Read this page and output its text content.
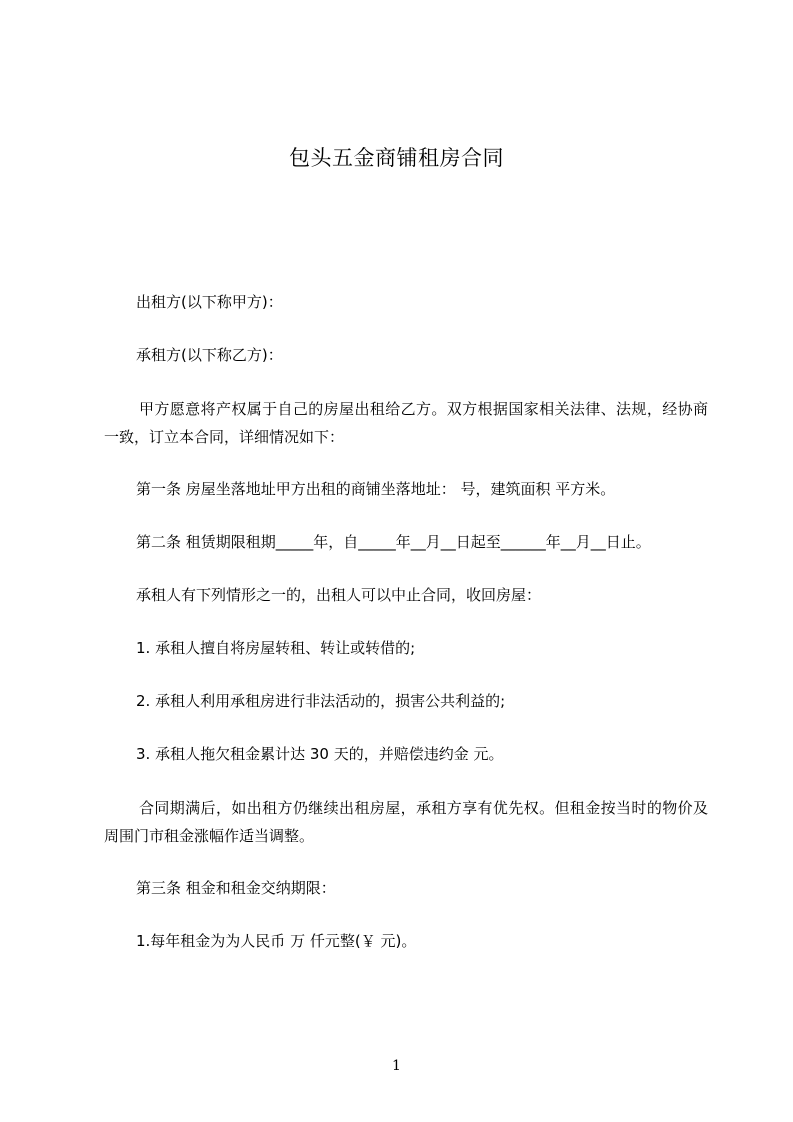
包头五金商铺租房合同
出租方(以下称甲方)：
承租方(以下称乙方)：
甲方愿意将产权属于自己的房屋出租给乙方。双方根据国家相关法律、法规，经协商一致，订立本合同，详细情况如下：
第一条 房屋坐落地址甲方出租的商铺坐落地址： 号，建筑面积 平方米。
第二条 租赁期限租期_____年，自_____年__月__日起至______年__月__日止。
承租人有下列情形之一的，出租人可以中止合同，收回房屋：
1. 承租人擅自将房屋转租、转让或转借的;
2. 承租人利用承租房进行非法活动的，损害公共利益的;
3. 承租人拖欠租金累计达 30 天的，并赔偿违约金 元。
合同期满后，如出租方仍继续出租房屋，承租方享有优先权。但租金按当时的物价及周围门市租金涨幅作适当调整。
第三条 租金和租金交纳期限：
1.每年租金为为人民币 万 仟元整(￥ 元)。
1
